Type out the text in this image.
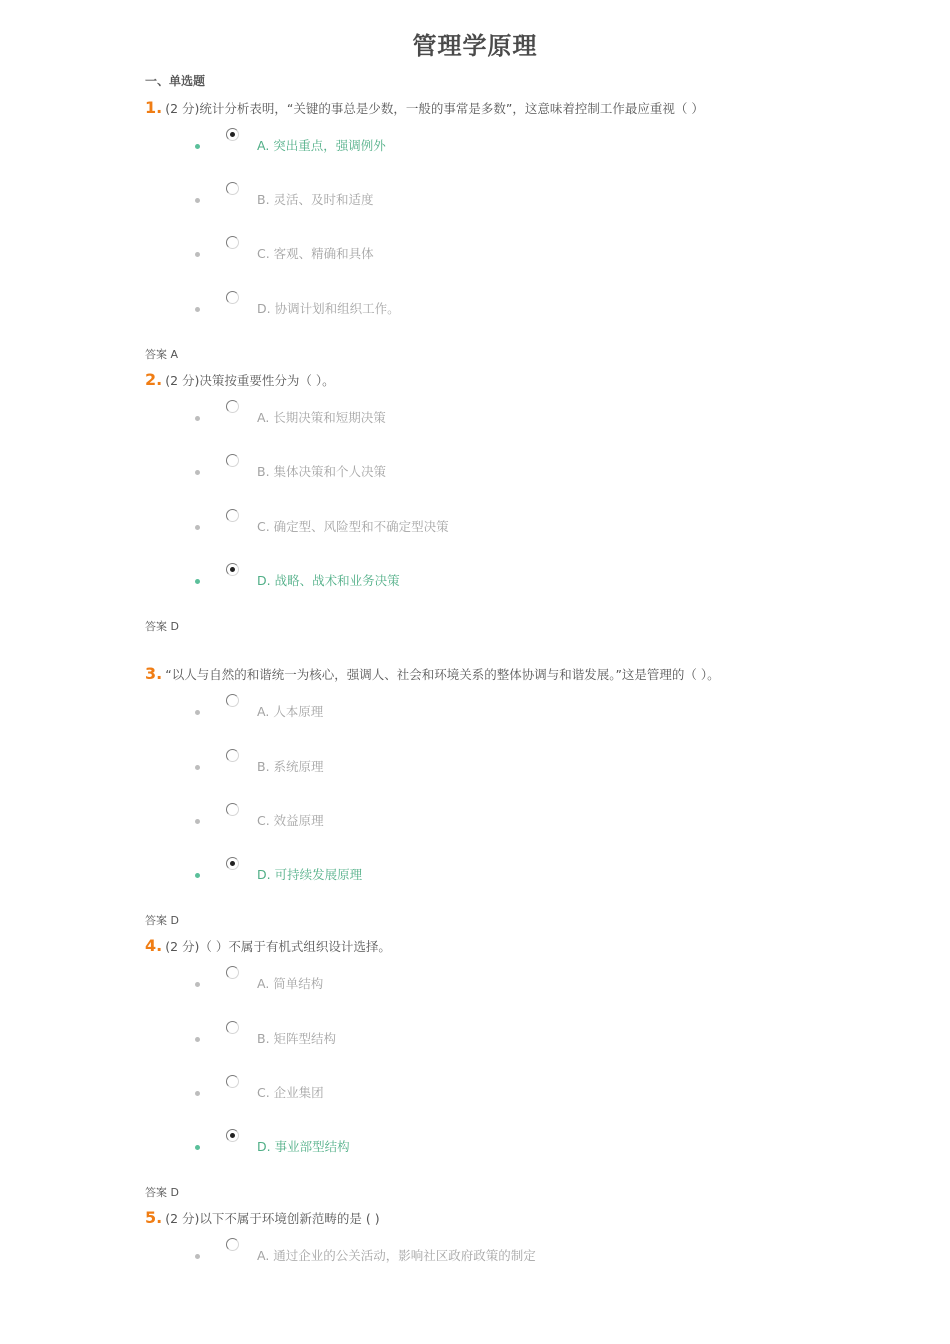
管理学原理
一、单选题
1. (2 分)统计分析表明，“关键的事总是少数，一般的事常是多数”，这意味着控制工作最应重视（ ）
A. 突出重点，强调例外
B. 灵活、及时和适度
C. 客观、精确和具体
D. 协调计划和组织工作。
答案 A
2. (2 分)决策按重要性分为（ ）。
A. 长期决策和短期决策
B. 集体决策和个人决策
C. 确定型、风险型和不确定型决策
D. 战略、战术和业务决策
答案 D
3. “以人与自然的和谐统一为核心，强调人、社会和环境关系的整体协调与和谐发展。”这是管理的（ ）。
A. 人本原理
B. 系统原理
C. 效益原理
D. 可持续发展原理
答案 D
4. (2 分)（ ）不属于有机式组织设计选择。
A. 简单结构
B. 矩阵型结构
C. 企业集团
D. 事业部型结构
答案 D
5. (2 分)以下不属于环境创新范畴的是 ( )
A. 通过企业的公关活动，影响社区政府政策的制定
